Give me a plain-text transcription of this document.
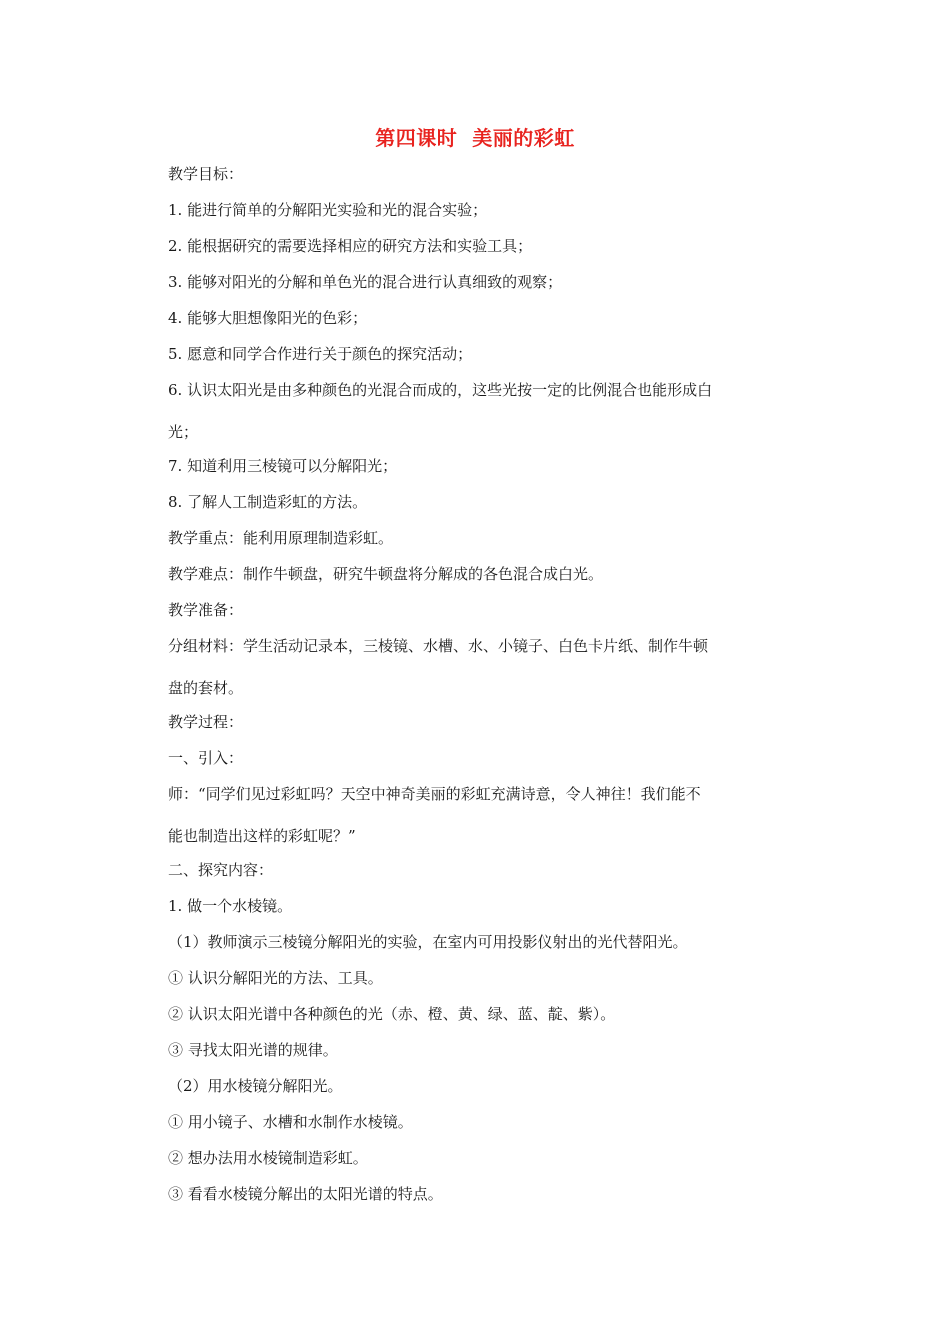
第四课时  美丽的彩虹
教学目标：
1. 能进行简单的分解阳光实验和光的混合实验；
2. 能根据研究的需要选择相应的研究方法和实验工具；
3. 能够对阳光的分解和单色光的混合进行认真细致的观察；
4. 能够大胆想像阳光的色彩；
5. 愿意和同学合作进行关于颜色的探究活动；
6. 认识太阳光是由多种颜色的光混合而成的，这些光按一定的比例混合也能形成白
光；
7. 知道利用三棱镜可以分解阳光；
8. 了解人工制造彩虹的方法。
教学重点：能利用原理制造彩虹。
教学难点：制作牛顿盘，研究牛顿盘将分解成的各色混合成白光。
教学准备：
分组材料：学生活动记录本，三棱镜、水槽、水、小镜子、白色卡片纸、制作牛顿
盘的套材。
教学过程：
一、引入：
师：“同学们见过彩虹吗？天空中神奇美丽的彩虹充满诗意，令人神往！我们能不
能也制造出这样的彩虹呢？”
二、探究内容：
1. 做一个水棱镜。
（1）教师演示三棱镜分解阳光的实验，在室内可用投影仪射出的光代替阳光。
① 认识分解阳光的方法、工具。
② 认识太阳光谱中各种颜色的光（赤、橙、黄、绿、蓝、靛、紫）。
③ 寻找太阳光谱的规律。
（2）用水棱镜分解阳光。
① 用小镜子、水槽和水制作水棱镜。
② 想办法用水棱镜制造彩虹。
③ 看看水棱镜分解出的太阳光谱的特点。
